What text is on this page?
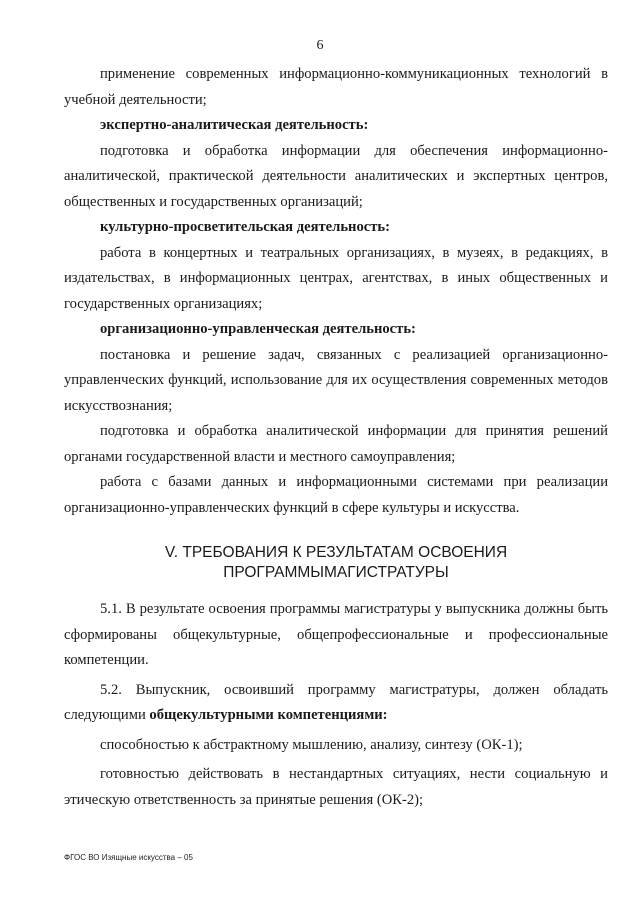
6

применение современных информационно-коммуникационных технологий в учебной деятельности;

экспертно-аналитическая деятельность:

подготовка и обработка информации для обеспечения информационно-аналитической, практической деятельности аналитических и экспертных центров, общественных и государственных организаций;

культурно-просветительская деятельность:

работа в концертных и театральных организациях, в музеях, в редакциях, в издательствах, в информационных центрах, агентствах, в иных общественных и государственных организациях;

организационно-управленческая деятельность:

постановка и решение задач, связанных с реализацией организационно-управленческих функций, использование для их осуществления современных методов искусствознания;

подготовка и обработка аналитической информации для принятия решений органами государственной власти и местного самоуправления;

работа с базами данных и информационными системами при реализации организационно-управленческих функций в сфере культуры и искусства.

V. ТРЕБОВАНИЯ К РЕЗУЛЬТАТАМ ОСВОЕНИЯ
ПРОГРАММЫМАГИСТРАТУРЫ

5.1. В результате освоения программы магистратуры у выпускника должны быть сформированы общекультурные, общепрофессиональные и профессиональные компетенции.

5.2. Выпускник, освоивший программу магистратуры, должен обладать следующими общекультурными компетенциями:

способностью к абстрактному мышлению, анализу, синтезу (ОК-1);

готовностью действовать в нестандартных ситуациях, нести социальную и этическую ответственность за принятые решения (ОК-2);

ФГОС ВО Изящные искусства – 05
